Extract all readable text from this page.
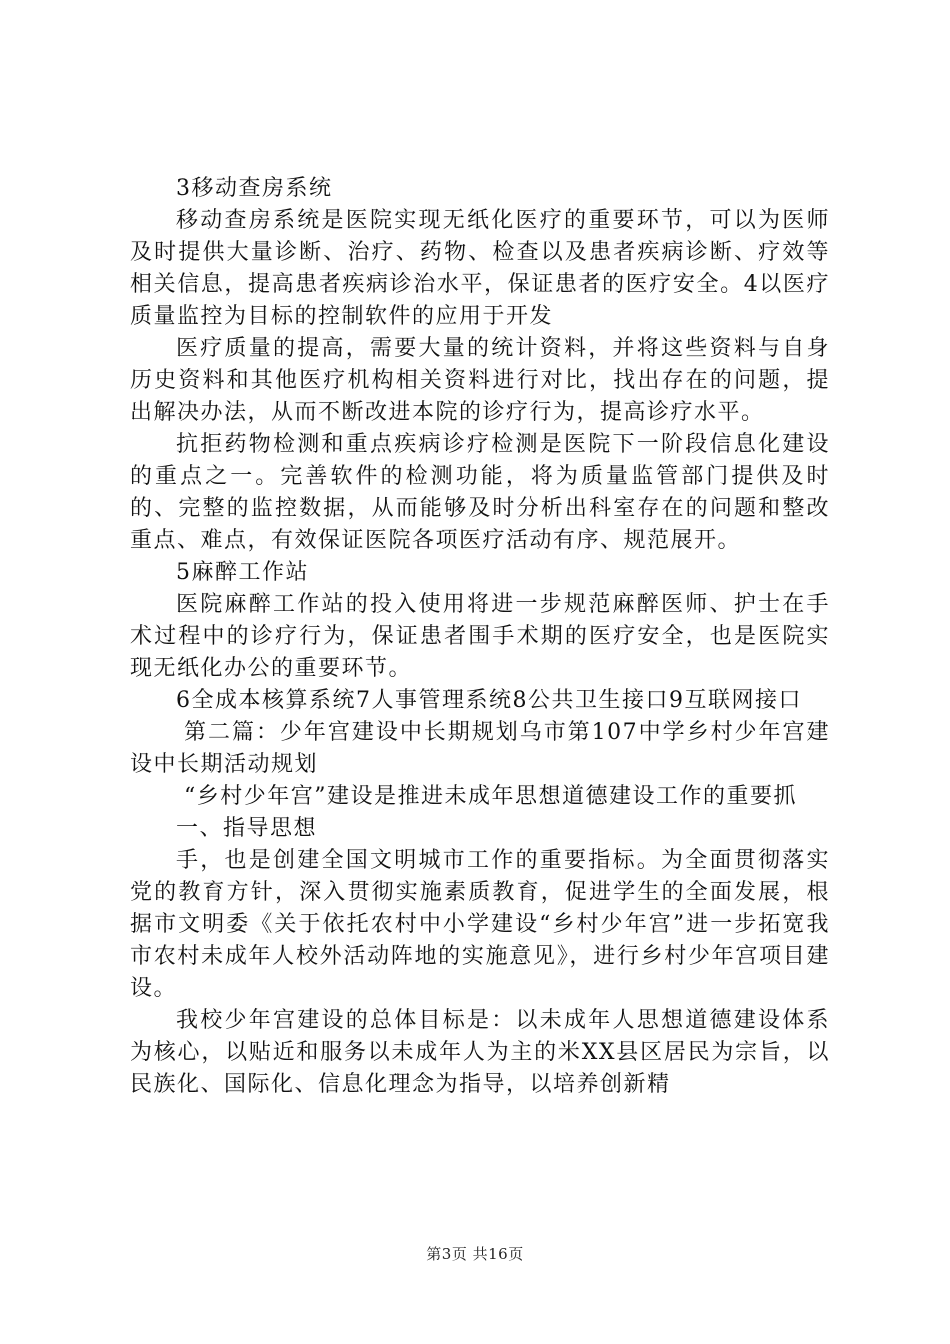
3移动查房系统

移动查房系统是医院实现无纸化医疗的重要环节，可以为医师及时提供大量诊断、治疗、药物、检查以及患者疾病诊断、疗效等相关信息，提高患者疾病诊治水平，保证患者的医疗安全。4以医疗质量监控为目标的控制软件的应用于开发

医疗质量的提高，需要大量的统计资料，并将这些资料与自身历史资料和其他医疗机构相关资料进行对比，找出存在的问题，提出解决办法，从而不断改进本院的诊疗行为，提高诊疗水平。

抗拒药物检测和重点疾病诊疗检测是医院下一阶段信息化建设的重点之一。完善软件的检测功能，将为质量监管部门提供及时的、完整的监控数据，从而能够及时分析出科室存在的问题和整改重点、难点，有效保证医院各项医疗活动有序、规范展开。

5麻醉工作站

医院麻醉工作站的投入使用将进一步规范麻醉医师、护士在手术过程中的诊疗行为，保证患者围手术期的医疗安全，也是医院实现无纸化办公的重要环节。

6全成本核算系统7人事管理系统8公共卫生接口9互联网接口

第二篇：少年宫建设中长期规划乌市第107中学乡村少年宫建设中长期活动规划

“乡村少年宫”建设是推进未成年思想道德建设工作的重要抓

一、指导思想

手，也是创建全国文明城市工作的重要指标。为全面贯彻落实党的教育方针，深入贯彻实施素质教育，促进学生的全面发展，根据市文明委《关于依托农村中小学建设“乡村少年宫”进一步拓宽我市农村未成年人校外活动阵地的实施意见》，进行乡村少年宫项目建设。

我校少年宫建设的总体目标是：以未成年人思想道德建设体系为核心，以贴近和服务以未成年人为主的米XX县区居民为宗旨，以民族化、国际化、信息化理念为指导，以培养创新精

第3页 共16页
